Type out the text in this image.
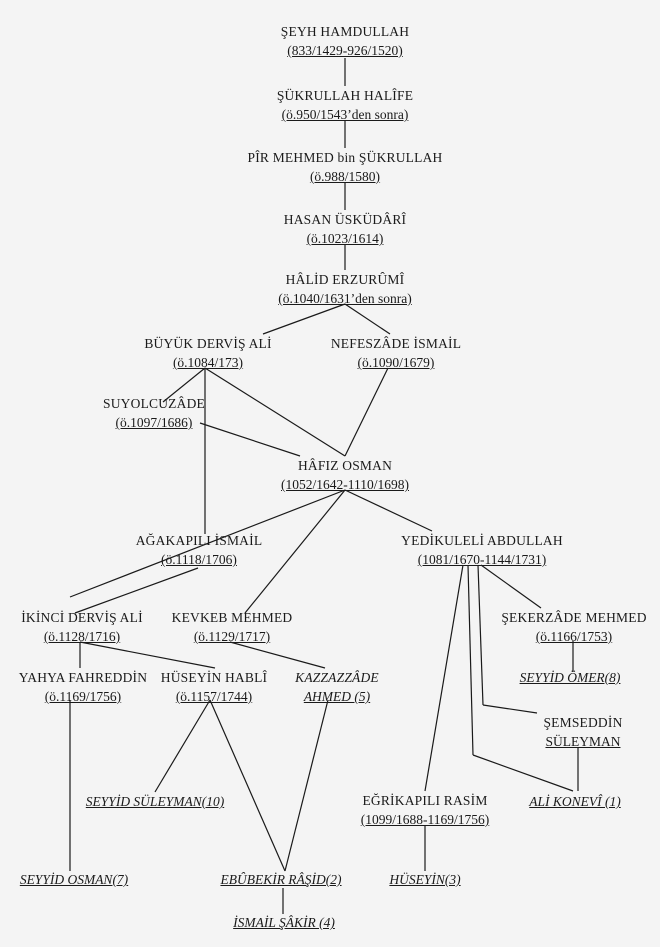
ŞEYH HAMDULLAH
(833/1429-926/1520)
ŞÜKRULLAH HALÎFE
(ö.950/1543’den sonra)
PÎR MEHMED bin ŞÜKRULLAH
(ö.988/1580)
HASAN ÜSKÜDÂRÎ
(ö.1023/1614)
HÂLİD ERZURÛMÎ
(ö.1040/1631’den sonra)
BÜYÜK DERVİŞ ALİ
(ö.1084/173)
NEFESZÂDE İSMAİL
(ö.1090/1679)
SUYOLCUZÂDE
(ö.1097/1686)
HÂFIZ OSMAN
(1052/1642-1110/1698)
AĞAKAPILI İSMAİL
(ö.1118/1706)
YEDİKULELİ ABDULLAH
(1081/1670-1144/1731)
İKİNCİ DERVİŞ ALİ
(ö.1128/1716)
KEVKEB MEHMED
(ö.1129/1717)
ŞEKERZÂDE MEHMED
(ö.1166/1753)
YAHYA FAHREDDİN
(ö.1169/1756)
HÜSEYİN HABLÎ
(ö.1157/1744)
KAZZAZZÂDE
AHMED (5)
ŞEMSEDDİN
SÜLEYMAN
EĞRİKAPILI RASİM
(1099/1688-1169/1756)
SEYYİD ÖMER(8)
SEYYİD SÜLEYMAN(10)	ALİ KONEVÎ (1)
SEYYİD OSMAN(7)	EBÛBEKİR RÂŞİD(2)	HÜSEYİN(3)
İSMAİL ŞÂKİR (4)
